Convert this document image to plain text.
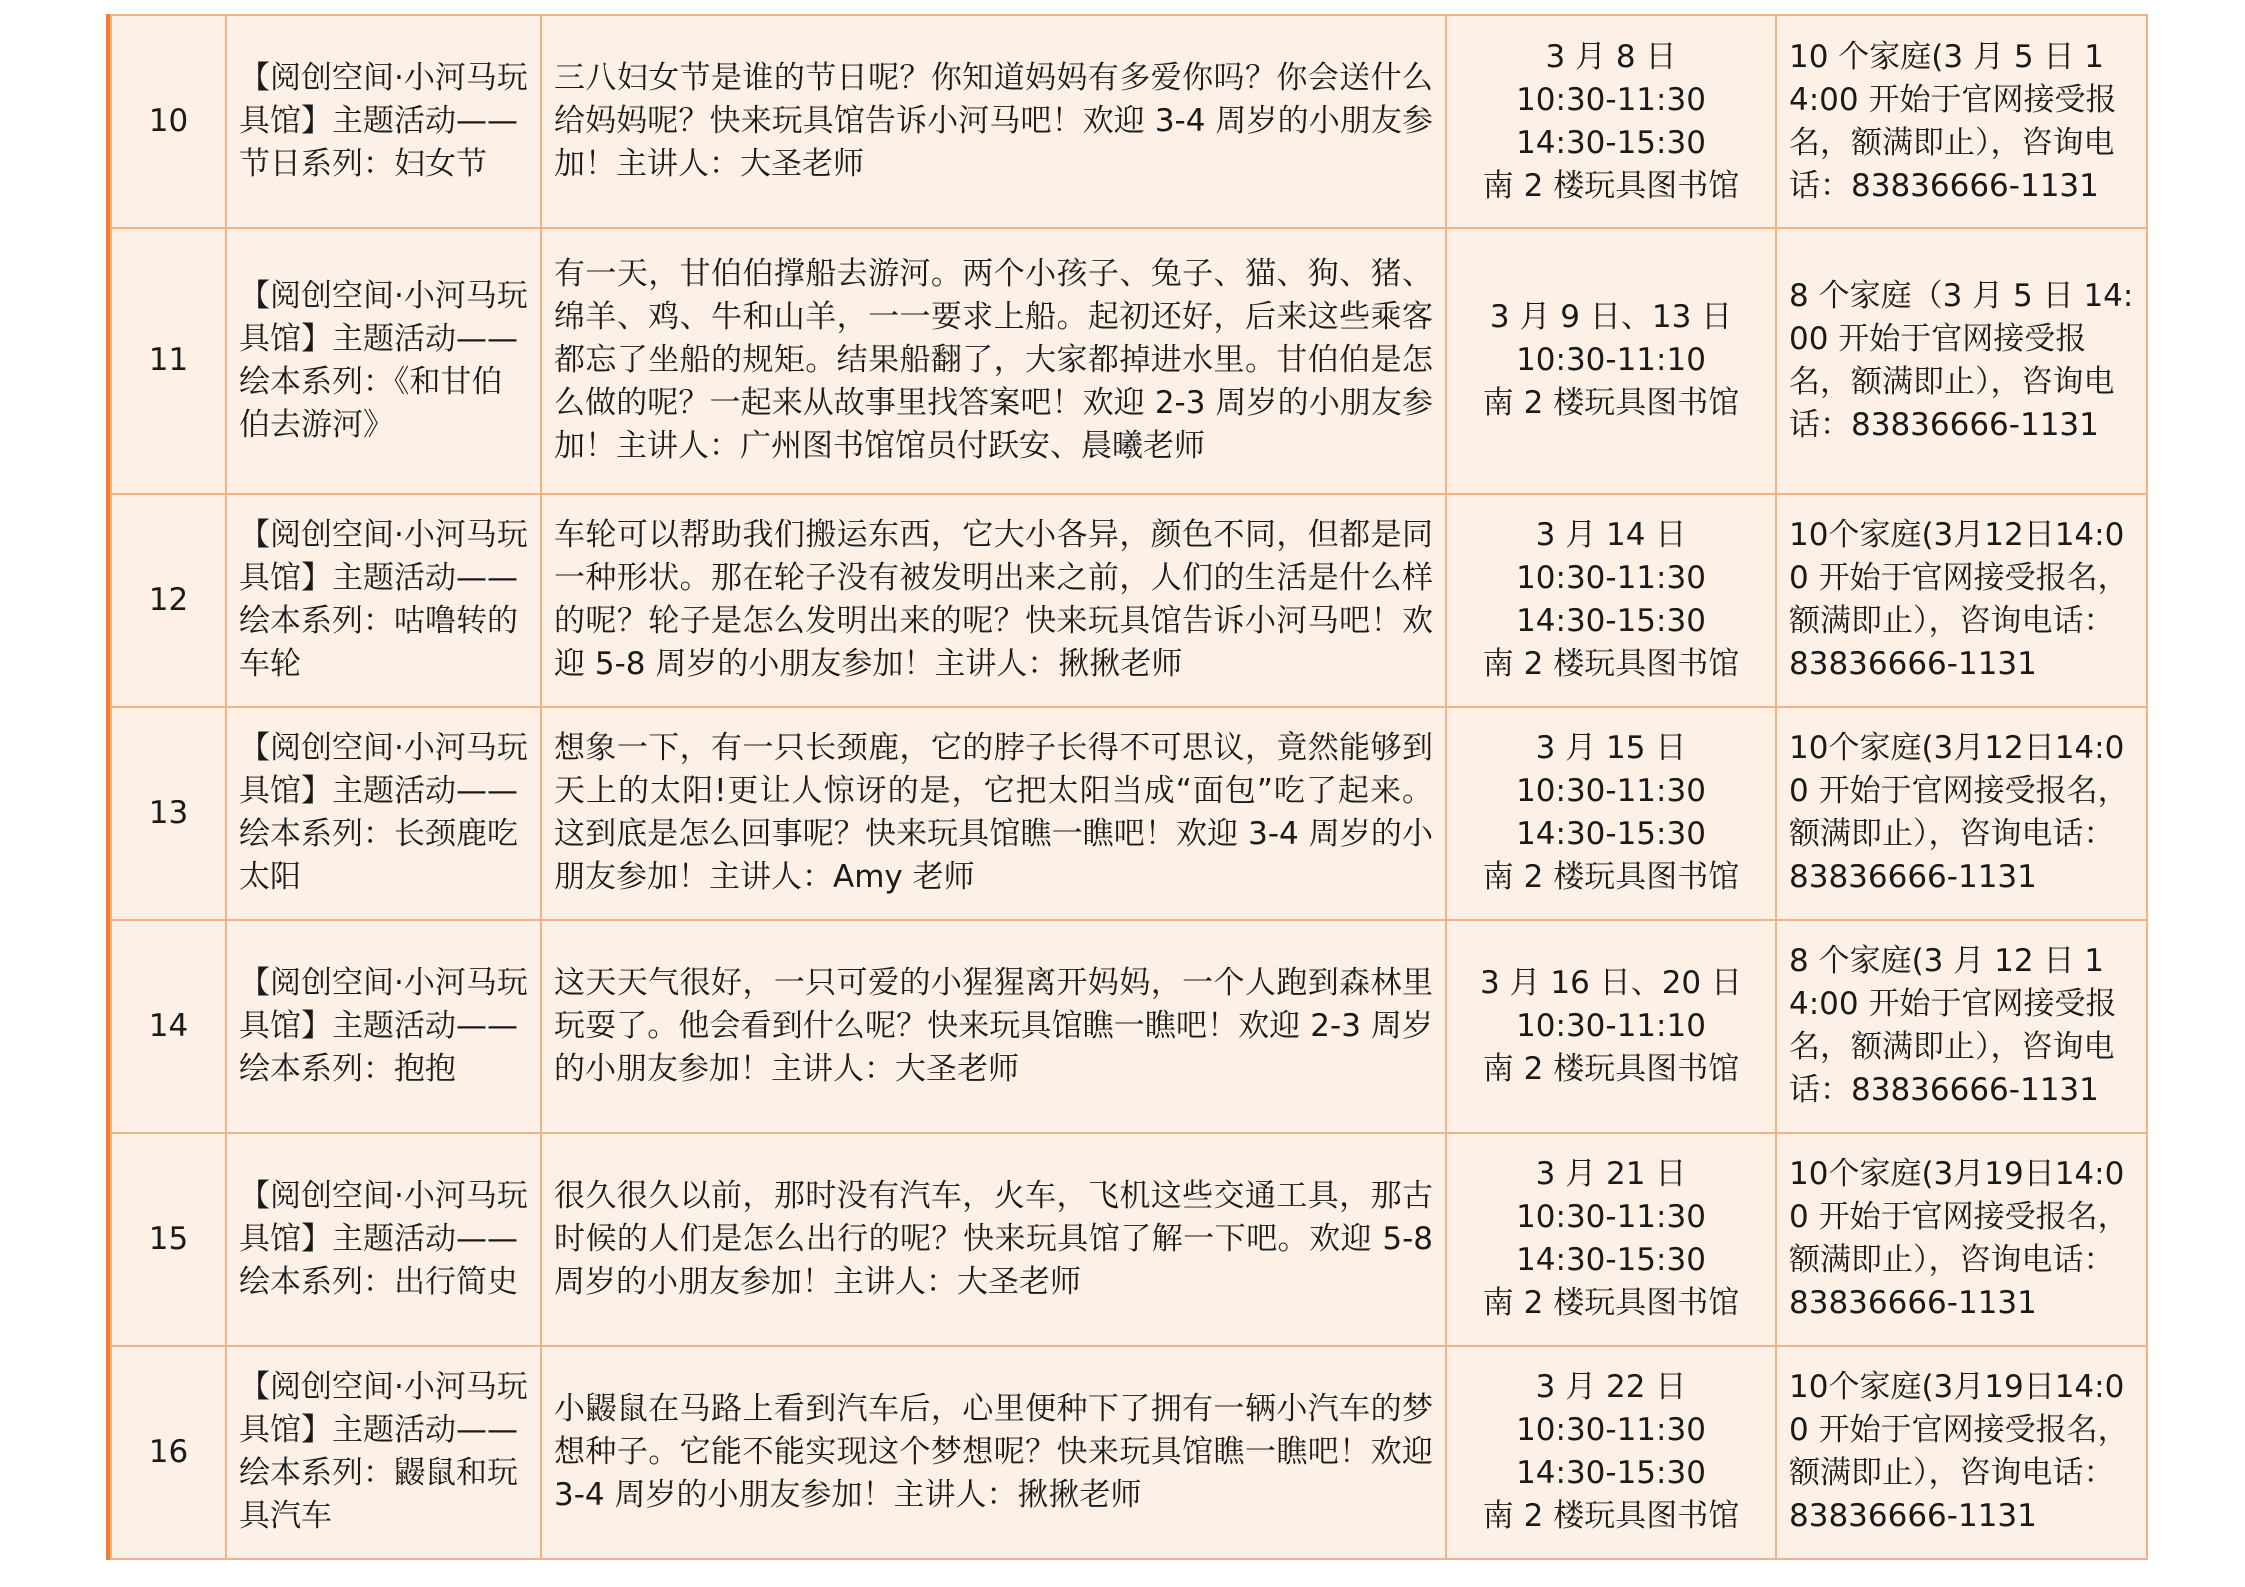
10	【阅创空间·小河马玩具馆】主题活动——节日系列：妇女节	三八妇女节是谁的节日呢？你知道妈妈有多爱你吗？你会送什么给妈妈呢？快来玩具馆告诉小河马吧！欢迎 3-4 周岁的小朋友参加！主讲人：大圣老师	3 月 8 日
10:30-11:30
14:30-15:30
南 2 楼玩具图书馆	10 个家庭(3 月 5 日 14:00 开始于官网接受报名，额满即止），咨询电话：83836666-1131
11	【阅创空间·小河马玩具馆】主题活动——绘本系列：《和甘伯伯去游河》	有一天，甘伯伯撑船去游河。两个小孩子、兔子、猫、狗、猪、绵羊、鸡、牛和山羊，一一要求上船。起初还好，后来这些乘客都忘了坐船的规矩。结果船翻了，大家都掉进水里。甘伯伯是怎么做的呢？一起来从故事里找答案吧！欢迎 2-3 周岁的小朋友参加！主讲人：广州图书馆馆员付跃安、晨曦老师	3 月 9 日、13 日
10:30-11:10
南 2 楼玩具图书馆	8 个家庭（3 月 5 日 14:00 开始于官网接受报名，额满即止），咨询电话：83836666-1131
12	【阅创空间·小河马玩具馆】主题活动——绘本系列：咕噜转的车轮	车轮可以帮助我们搬运东西，它大小各异，颜色不同，但都是同一种形状。那在轮子没有被发明出来之前，人们的生活是什么样的呢？轮子是怎么发明出来的呢？快来玩具馆告诉小河马吧！欢迎 5-8 周岁的小朋友参加！主讲人：揪揪老师	3 月 14 日
10:30-11:30
14:30-15:30
南 2 楼玩具图书馆	10个家庭(3月12日14:00 开始于官网接受报名，额满即止），咨询电话：83836666-1131
13	【阅创空间·小河马玩具馆】主题活动——绘本系列：长颈鹿吃太阳	想象一下，有一只长颈鹿，它的脖子长得不可思议，竟然能够到天上的太阳!更让人惊讶的是，它把太阳当成“面包”吃了起来。这到底是怎么回事呢？快来玩具馆瞧一瞧吧！欢迎 3-4 周岁的小朋友参加！主讲人：Amy 老师	3 月 15 日
10:30-11:30
14:30-15:30
南 2 楼玩具图书馆	10个家庭(3月12日14:00 开始于官网接受报名，额满即止），咨询电话：83836666-1131
14	【阅创空间·小河马玩具馆】主题活动——绘本系列：抱抱	这天天气很好，一只可爱的小猩猩离开妈妈，一个人跑到森林里玩耍了。他会看到什么呢？快来玩具馆瞧一瞧吧！欢迎 2-3 周岁的小朋友参加！主讲人：大圣老师	3 月 16 日、20 日
10:30-11:10
南 2 楼玩具图书馆	8 个家庭(3 月 12 日 14:00 开始于官网接受报名，额满即止），咨询电话：83836666-1131
15	【阅创空间·小河马玩具馆】主题活动——绘本系列：出行简史	很久很久以前，那时没有汽车，火车，飞机这些交通工具，那古时候的人们是怎么出行的呢？快来玩具馆了解一下吧。欢迎 5-8 周岁的小朋友参加！主讲人：大圣老师	3 月 21 日
10:30-11:30
14:30-15:30
南 2 楼玩具图书馆	10个家庭(3月19日14:00 开始于官网接受报名，额满即止），咨询电话：83836666-1131
16	【阅创空间·小河马玩具馆】主题活动——绘本系列：鼹鼠和玩具汽车	小鼹鼠在马路上看到汽车后，心里便种下了拥有一辆小汽车的梦想种子。它能不能实现这个梦想呢？快来玩具馆瞧一瞧吧！欢迎 3-4 周岁的小朋友参加！主讲人：揪揪老师	3 月 22 日
10:30-11:30
14:30-15:30
南 2 楼玩具图书馆	10个家庭(3月19日14:00 开始于官网接受报名，额满即止），咨询电话：83836666-1131
